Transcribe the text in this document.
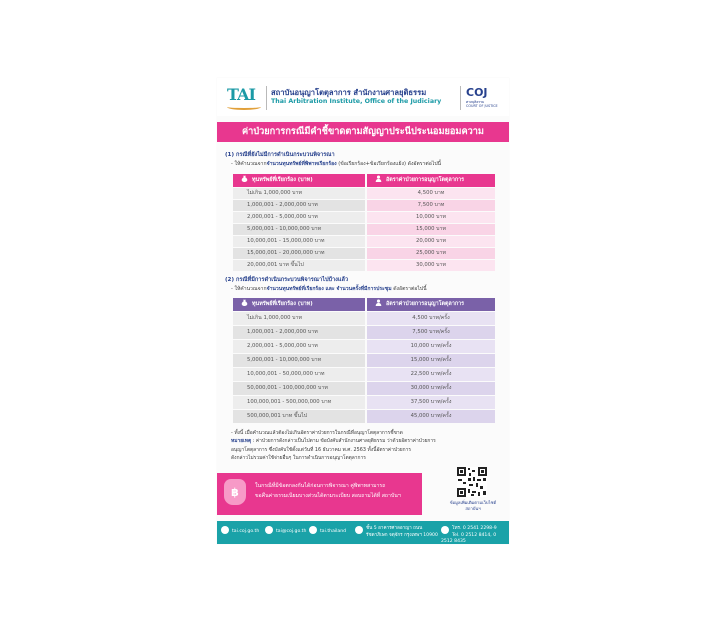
TAI สถาบันอนุญาโตตุลาการ สำนักงานศาลยุติธรรม
Thai Arbitration Institute, Office of the Judiciary
COJ
ศาลยุติธรรม
COURT OF JUSTICE
ค่าป่วยการกรณีมีคำชี้ขาดตามสัญญาประนีประนอมยอมความ
(1) กรณีที่ยังไม่มีการดำเนินกระบวนพิจารณา
- ให้คำนวณจากจำนวนทุนทรัพย์ที่พิพาทเรียกร้อง (ข้อเรียกร้อง+ข้อเรียกร้องแย้ง) ดังอัตราต่อไปนี้
ทุนทรัพย์ที่เรียกร้อง (บาท)	อัตราค่าป่วยการอนุญาโตตุลาการ
ไม่เกิน 1,000,000 บาท	4,500 บาท
1,000,001 - 2,000,000 บาท	7,500 บาท
2,000,001 - 5,000,000 บาท	10,000 บาท
5,000,001 - 10,000,000 บาท	15,000 บาท
10,000,001 - 15,000,000 บาท	20,000 บาท
15,000,001 - 20,000,000 บาท	25,000 บาท
20,000,001 บาท ขึ้นไป	30,000 บาท
(2) กรณีที่มีการดำเนินกระบวนพิจารณาไปบ้างแล้ว
- ให้คำนวณจากจำนวนทุนทรัพย์ที่เรียกร้อง และ จำนวนครั้งที่มีการประชุม ดังอัตราต่อไปนี้
ทุนทรัพย์ที่เรียกร้อง (บาท)	อัตราค่าป่วยการอนุญาโตตุลาการ
ไม่เกิน 1,000,000 บาท	4,500 บาท/ครั้ง
1,000,001 - 2,000,000 บาท	7,500 บาท/ครั้ง
2,000,001 - 5,000,000 บาท	10,000 บาท/ครั้ง
5,000,001 - 10,000,000 บาท	15,000 บาท/ครั้ง
10,000,001 - 50,000,000 บาท	22,500 บาท/ครั้ง
50,000,001 - 100,000,000 บาท	30,000 บาท/ครั้ง
100,000,001 - 500,000,000 บาท	37,500 บาท/ครั้ง
500,000,001 บาท ขึ้นไป	45,000 บาท/ครั้ง
- ทั้งนี้ เมื่อคำนวณแล้วต้องไม่เกินอัตราค่าป่วยการในกรณีที่อนุญาโตตุลาการชี้ขาด
หมายเหตุ : ค่าป่วยการดังกล่าวเป็นไปตาม ข้อบังคับสำนักงานศาลยุติธรรม ว่าด้วยอัตราค่าป่วยการ
อนุญาโตตุลาการ ซึ่งบังคับใช้ตั้งแต่วันที่ 16 ธันวาคม พ.ศ. 2563 ทั้งนี้อัตราค่าป่วยการ
ดังกล่าวไม่รวมค่าใช้จ่ายอื่นๆ ในการดำเนินการอนุญาโตตุลาการ
฿	ในกรณีที่มีข้อตกลงกันได้ก่อนการพิจารณา คู่พิพาทสามารถ
ขอคืนค่าธรรมเนียมบางส่วนได้ตามระเบียบ สอบถามได้ที่ สถาบันฯ
ข้อมูลเพิ่มเติมตามเว็บไซต์
สถาบันฯ
tai.coj.go.th	tai@coj.go.th	tai.thailand
ชั้น 5 อาคารศาลอาญา ถนนรัชดาภิเษก จตุจักร กรุงเทพฯ 10900
โทร. 0 2541 2298-9
Tel. 0 2512 8414, 0 2512 8435
